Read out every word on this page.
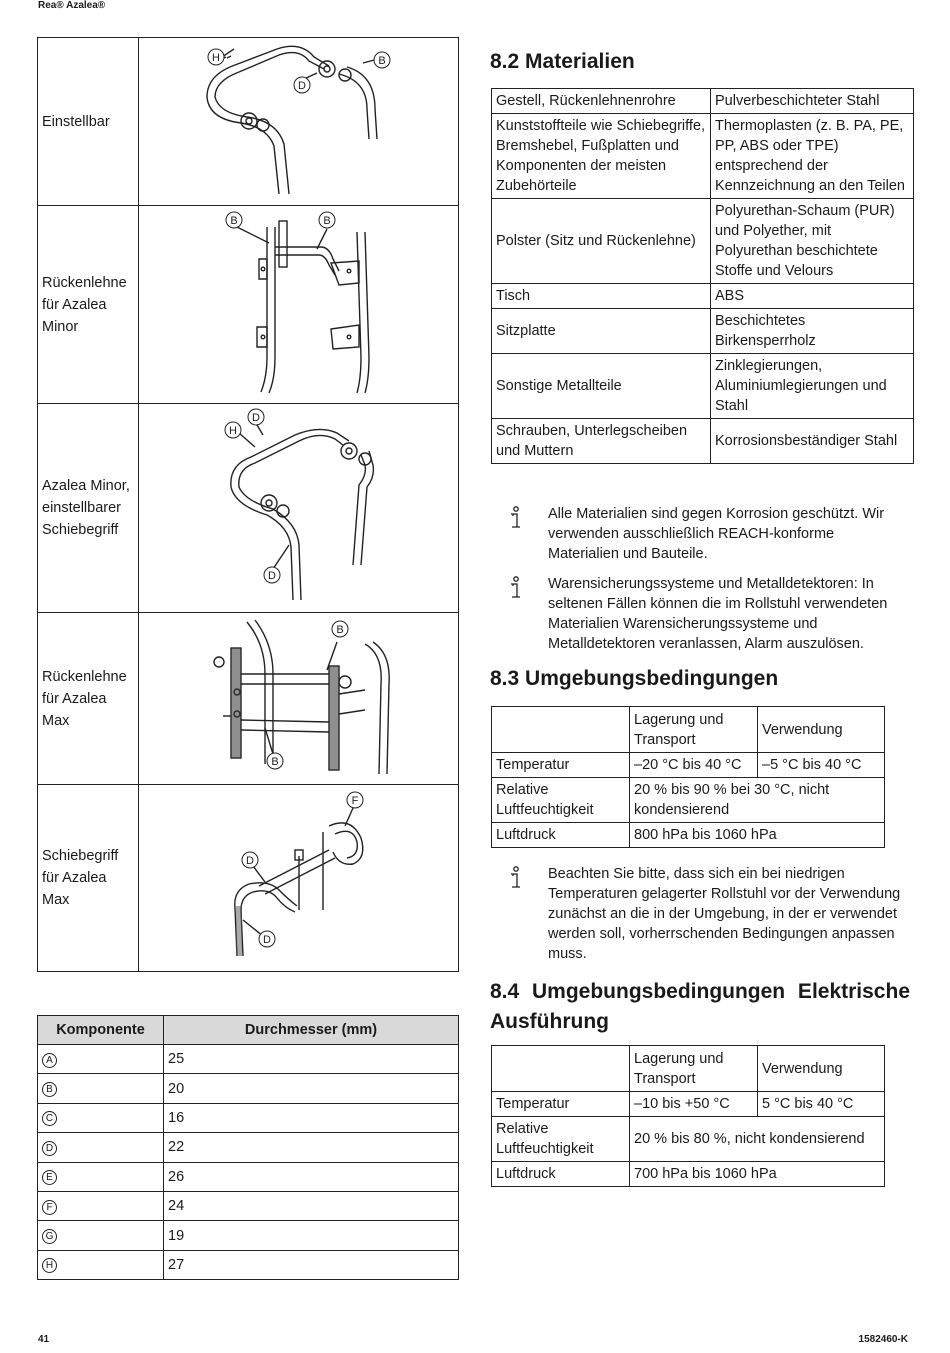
Rea® Azalea®
Einstellbar	H B
D

Rückenlehne für Azalea Minor	B B

Azalea Minor, einstellbarer Schiebegriff	H
D
D

Rückenlehne für Azalea Max	B
B

Schiebegriff für Azalea Max	F
D
D
Komponente	Durchmesser (mm)
A	25
B	20
C	16
D	22
E	26
F	24
G	19
H	27
8.2 Materialien
Gestell, Rückenlehnenrohre	Pulverbeschichteter Stahl
Kunststoffteile wie Schiebegriffe, Bremshebel, Fußplatten und Komponenten der meisten Zubehörteile	Thermoplasten (z. B. PA, PE, PP, ABS oder TPE) entsprechend der Kennzeichnung an den Teilen
Polster (Sitz und Rückenlehne)	Polyurethan-Schaum (PUR) und Polyether, mit Polyurethan beschichtete Stoffe und Velours
Tisch	ABS
Sitzplatte	Beschichtetes Birkensperrholz
Sonstige Metallteile	Zinklegierungen, Aluminiumlegierungen und Stahl
Schrauben, Unterlegscheiben und Muttern	Korrosionsbeständiger Stahl
Alle Materialien sind gegen Korrosion geschützt. Wir verwenden ausschließlich REACH-konforme Materialien und Bauteile.
Warensicherungssysteme und Metalldetektoren: In seltenen Fällen können die im Rollstuhl verwendeten Materialien Warensicherungssysteme und Metalldetektoren veranlassen, Alarm auszulösen.
8.3 Umgebungsbedingungen
	Lagerung und Transport	Verwendung
Temperatur	–20 °C bis 40 °C	–5 °C bis 40 °C
Relative Luftfeuchtigkeit	20 % bis 90 % bei 30 °C, nicht kondensierend	
Luftdruck	800 hPa bis 1060 hPa	
Beachten Sie bitte, dass sich ein bei niedrigen Temperaturen gelagerter Rollstuhl vor der Verwendung zunächst an die in der Umgebung, in der er verwendet werden soll, vorherrschenden Bedingungen anpassen muss.
8.4 Umgebungsbedingungen Elektrische
Ausführung
	Lagerung und Transport	Verwendung
Temperatur	–10 bis +50 °C	5 °C bis 40 °C
Relative Luftfeuchtigkeit	20 % bis 80 %, nicht kondensierend	
Luftdruck	700 hPa bis 1060 hPa	
41	1582460-K
